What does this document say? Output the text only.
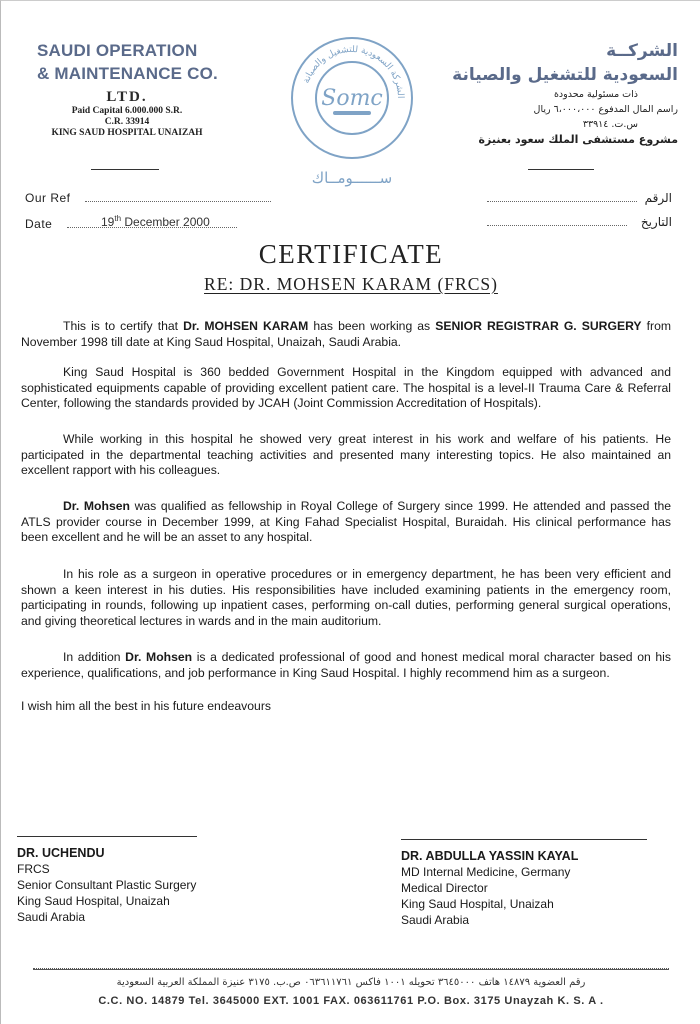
SAUDI OPERATION
& MAINTENANCE CO.
LTD.
Paid Capital 6.000.000 S.R.
C.R. 33914
KING SAUD HOSPITAL UNAIZAH
الشركة السعودية للتشغيل والصيانة
Somc
ســــــومــاك
الشركــة
السعودية للتشغيل والصيانة
ذات مسئولية محدودة
راسم المال المدفوع ٦،٠٠٠،٠٠٠ ريال
س.ت. ٣٣٩١٤
مشروع مستشفى الملك سعود بعنيزة
Our Ref
Date	19th December 2000
الرقم
التاريخ
CERTIFICATE
RE: DR. MOHSEN KARAM (FRCS)
This is to certify that Dr. MOHSEN KARAM has been working as SENIOR REGISTRAR G. SURGERY from November 1998 till date at King Saud Hospital, Unaizah, Saudi Arabia.
King Saud Hospital is 360 bedded Government Hospital in the Kingdom equipped with advanced and sophisticated equipments capable of providing excellent patient care. The hospital is a level-II Trauma Care & Referral Center, following the standards provided by JCAH (Joint Commission Accreditation of Hospitals).
While working in this hospital he showed very great interest in his work and welfare of his patients. He participated in the departmental teaching activities and presented many interesting topics. He also maintained an excellent rapport with his colleagues.
Dr. Mohsen was qualified as fellowship in Royal College of Surgery since 1999. He attended and passed the ATLS provider course in December 1999, at King Fahad Specialist Hospital, Buraidah. His clinical performance has been excellent and he will be an asset to any hospital.
In his role as a surgeon in operative procedures or in emergency department, he has been very efficient and shown a keen interest in his duties. His responsibilities have included examining patients in the emergency room, participating in rounds, following up inpatient cases, performing on-call duties, performing general surgical operations, and giving theoretical lectures in wards and in the main auditorium.
In addition Dr. Mohsen is a dedicated professional of good and honest medical moral character based on his experience, qualifications, and job performance in King Saud Hospital. I highly recommend him as a surgeon.
I wish him all the best in his future endeavours
DR. UCHENDU
FRCS
Senior Consultant Plastic Surgery
King Saud Hospital, Unaizah
Saudi Arabia
DR. ABDULLA YASSIN KAYAL
MD Internal Medicine, Germany
Medical Director
King Saud Hospital, Unaizah
Saudi Arabia
رقم العضوية ١٤٨٧٩ هاتف ٣٦٤٥٠٠٠ تحويله ١٠٠١ فاكس ٠٦٣٦١١٧٦١ ص.ب. ٣١٧٥ عنيزة المملكة العربية السعودية
C.C. NO. 14879 Tel. 3645000 EXT. 1001 FAX. 063611761 P.O. Box. 3175 Unayzah K. S. A .
